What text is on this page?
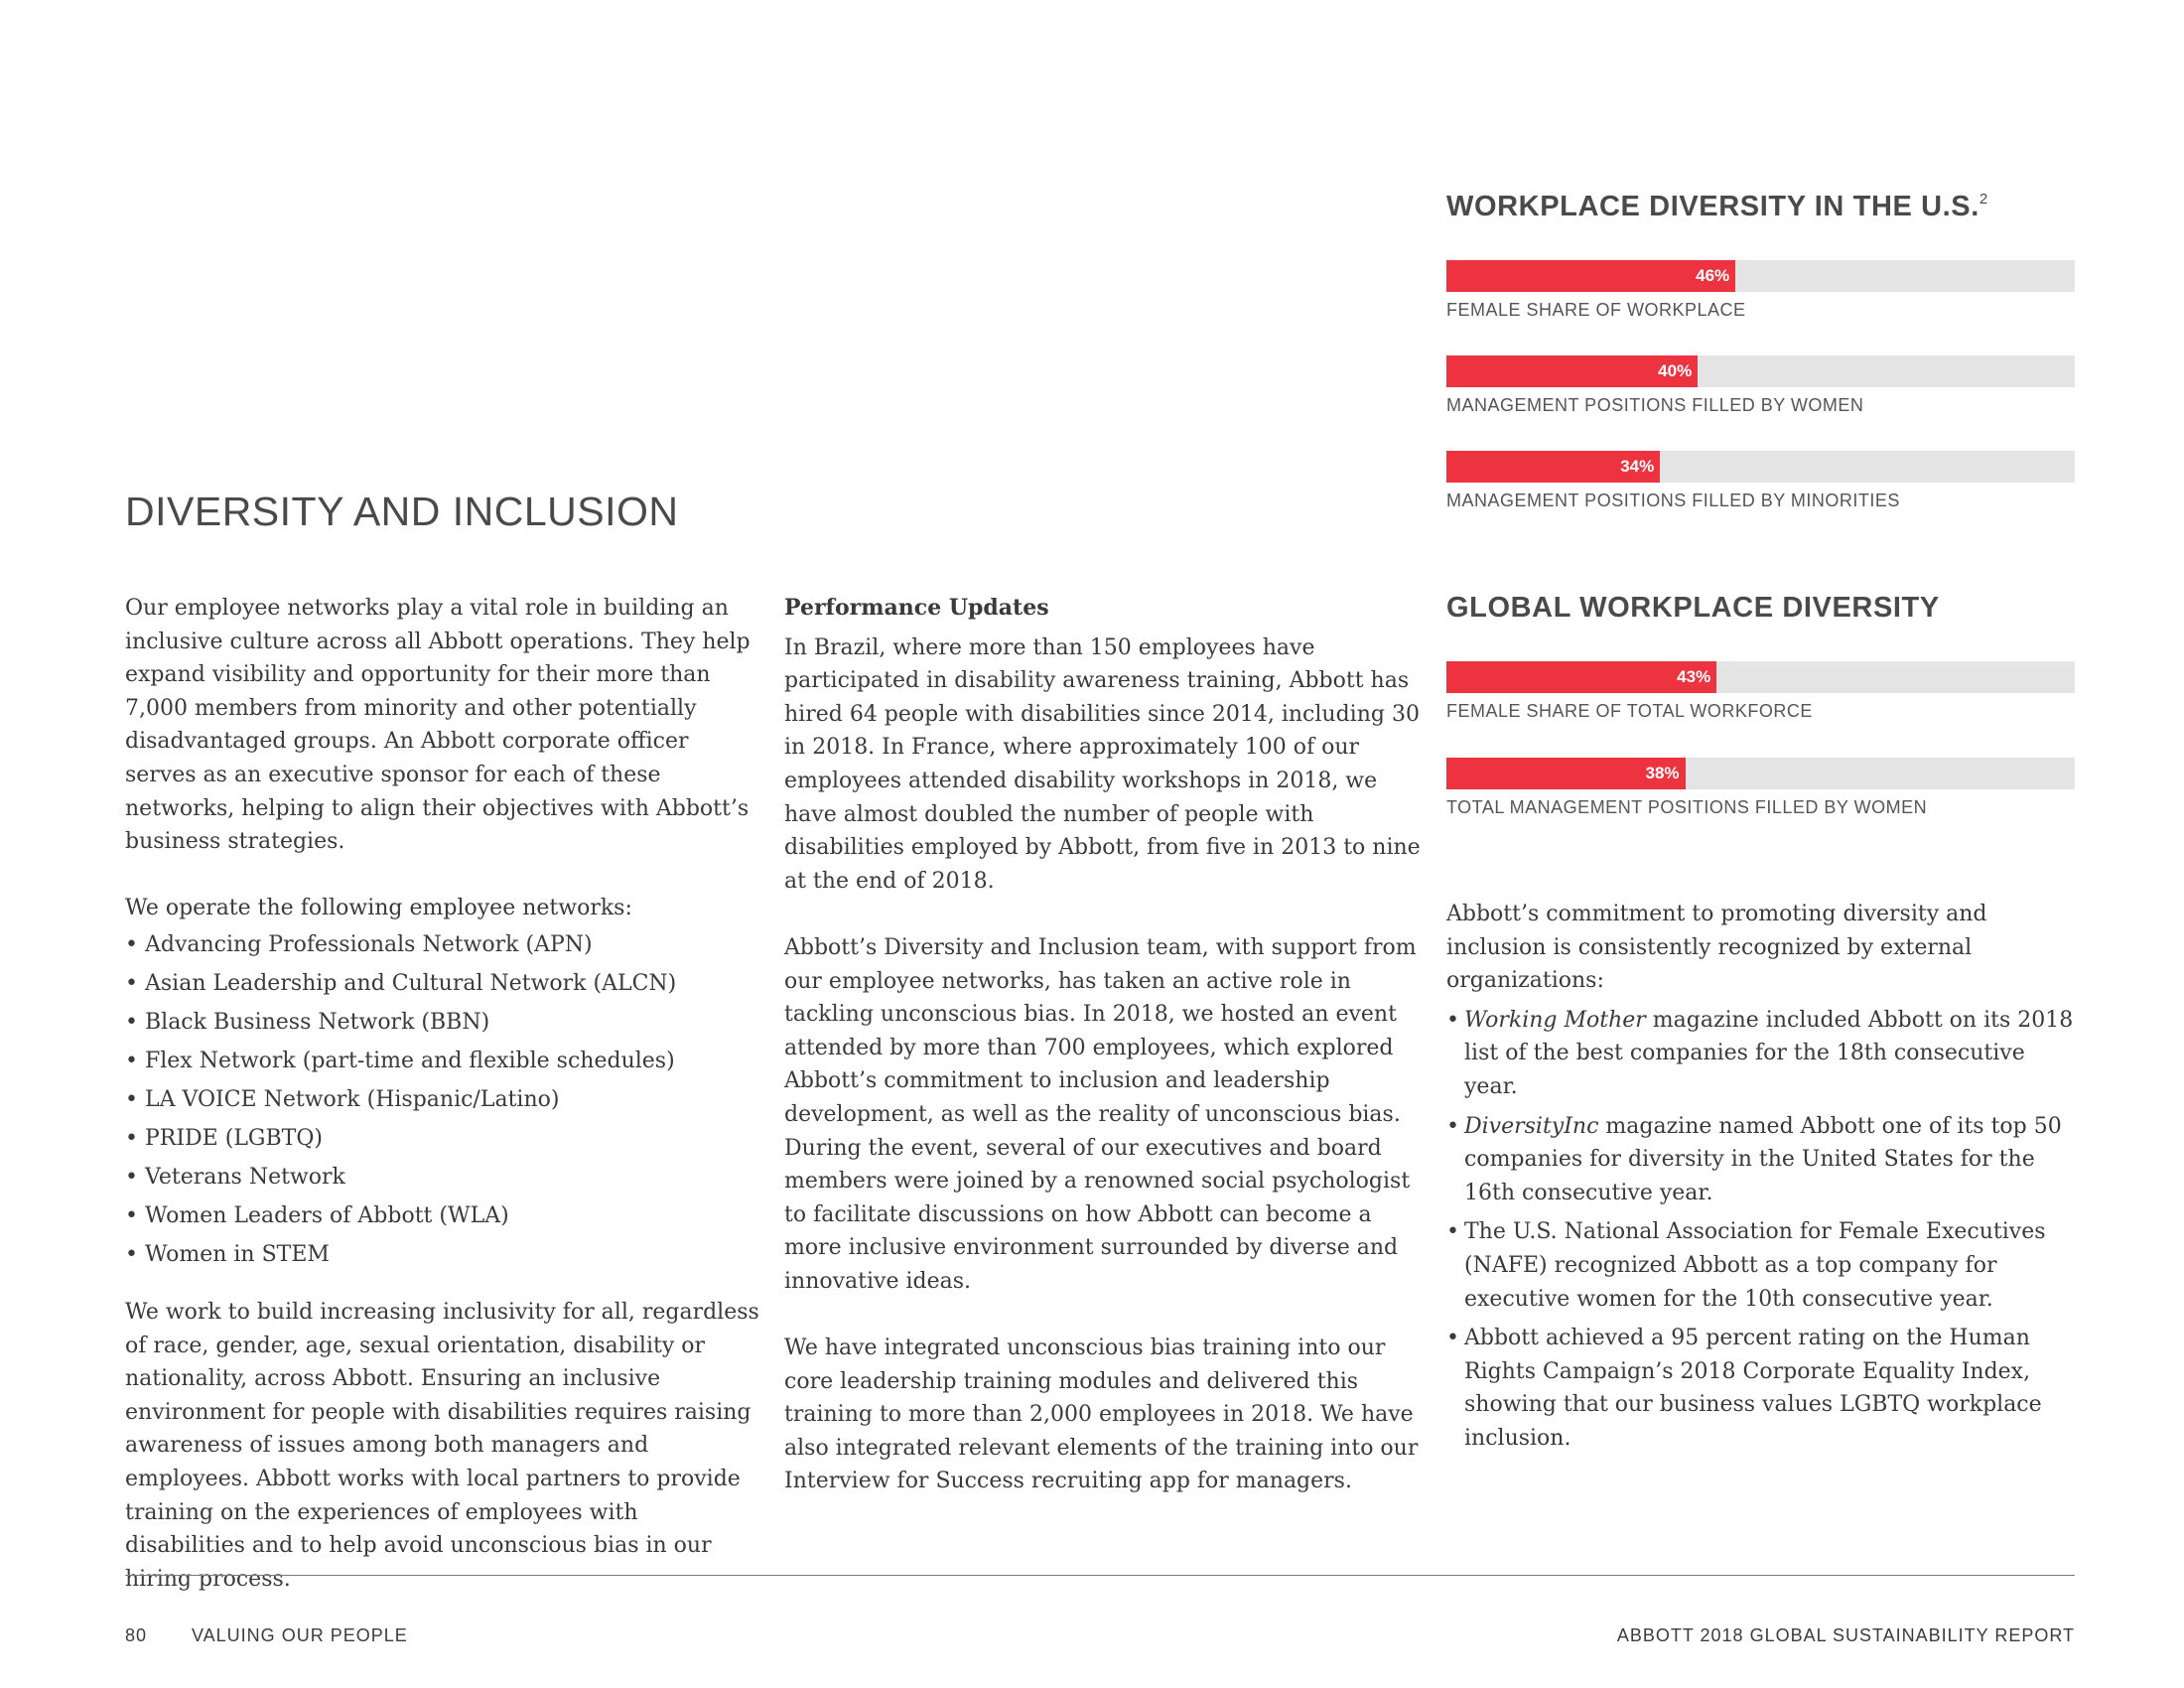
DIVERSITY AND INCLUSION

Our employee networks play a vital role in building an inclusive culture across all Abbott operations. They help expand visibility and opportunity for their more than 7,000 members from minority and other potentially disadvantaged groups. An Abbott corporate officer serves as an executive sponsor for each of these networks, helping to align their objectives with Abbott’s business strategies.

We operate the following employee networks:

• Advancing Professionals Network (APN)
• Asian Leadership and Cultural Network (ALCN)
• Black Business Network (BBN)
• Flex Network (part-time and flexible schedules)
• LA VOICE Network (Hispanic/Latino)
• PRIDE (LGBTQ)
• Veterans Network
• Women Leaders of Abbott (WLA)
• Women in STEM

We work to build increasing inclusivity for all, regardless of race, gender, age, sexual orientation, disability or nationality, across Abbott. Ensuring an inclusive environment for people with disabilities requires raising awareness of issues among both managers and employees. Abbott works with local partners to provide training on the experiences of employees with disabilities and to help avoid unconscious bias in our hiring process.

Performance Updates

In Brazil, where more than 150 employees have participated in disability awareness training, Abbott has hired 64 people with disabilities since 2014, including 30 in 2018. In France, where approximately 100 of our employees attended disability workshops in 2018, we have almost doubled the number of people with disabilities employed by Abbott, from five in 2013 to nine at the end of 2018.

Abbott’s Diversity and Inclusion team, with support from our employee networks, has taken an active role in tackling unconscious bias. In 2018, we hosted an event attended by more than 700 employees, which explored Abbott’s commitment to inclusion and leadership development, as well as the reality of unconscious bias. During the event, several of our executives and board members were joined by a renowned social psychologist to facilitate discussions on how Abbott can become a more inclusive environment surrounded by diverse and innovative ideas.

We have integrated unconscious bias training into our core leadership training modules and delivered this training to more than 2,000 employees in 2018. We have also integrated relevant elements of the training into our Interview for Success recruiting app for managers.

WORKPLACE DIVERSITY IN THE U.S.$^2$
46%
FEMALE SHARE OF WORKPLACE
40%
MANAGEMENT POSITIONS FILLED BY WOMEN
34%
MANAGEMENT POSITIONS FILLED BY MINORITIES
GLOBAL WORKPLACE DIVERSITY
43%
FEMALE SHARE OF TOTAL WORKFORCE
38%
TOTAL MANAGEMENT POSITIONS FILLED BY WOMEN

Abbott’s commitment to promoting diversity and inclusion is consistently recognized by external organizations:

• Working Mother magazine included Abbott on its 2018 list of the best companies for the 18th consecutive year.
• DiversityInc magazine named Abbott one of its top 50 companies for diversity in the United States for the 16th consecutive year.
• The U.S. National Association for Female Executives (NAFE) recognized Abbott as a top company for executive women for the 10th consecutive year.
• Abbott achieved a 95 percent rating on the Human Rights Campaign’s 2018 Corporate Equality Index, showing that our business values LGBTQ workplace inclusion.
80 VALUING OUR PEOPLE	ABBOTT 2018 GLOBAL SUSTAINABILITY REPORT
